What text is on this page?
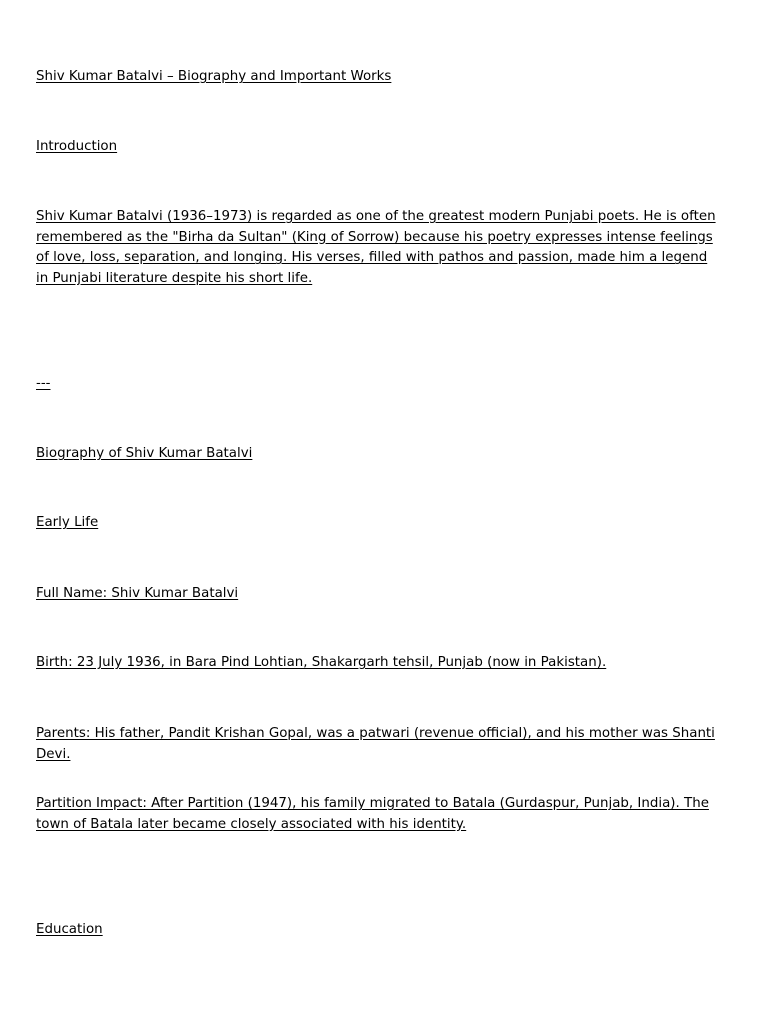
Shiv Kumar Batalvi – Biography and Important Works

Introduction

Shiv Kumar Batalvi (1936–1973) is regarded as one of the greatest modern Punjabi poets. He is often remembered as the "Birha da Sultan" (King of Sorrow) because his poetry expresses intense feelings of love, loss, separation, and longing. His verses, filled with pathos and passion, made him a legend in Punjabi literature despite his short life.

---

Biography of Shiv Kumar Batalvi

Early Life

Full Name: Shiv Kumar Batalvi

Birth: 23 July 1936, in Bara Pind Lohtian, Shakargarh tehsil, Punjab (now in Pakistan).

Parents: His father, Pandit Krishan Gopal, was a patwari (revenue official), and his mother was Shanti Devi.

Partition Impact: After Partition (1947), his family migrated to Batala (Gurdaspur, Punjab, India). The town of Batala later became closely associated with his identity.

Education
